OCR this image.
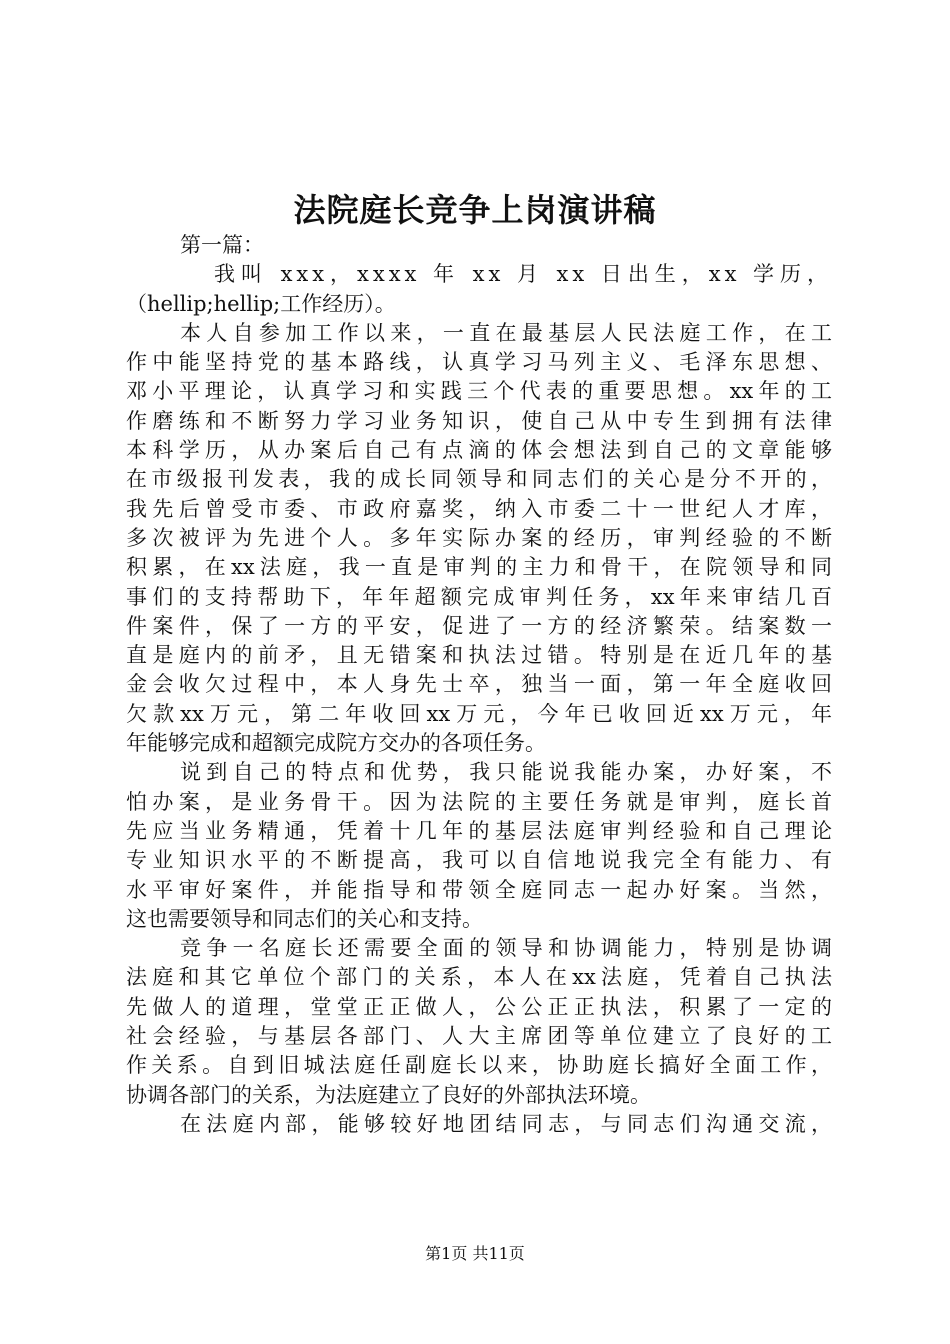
法院庭长竞争上岗演讲稿
第一篇：

我叫 xxx，xxxx 年 xx 月 xx 日出生，xx 学历，
（hellip;hellip;工作经历）。

本人自参加工作以来，一直在最基层人民法庭工作，在工
作中能坚持党的基本路线，认真学习马列主义、毛泽东思想、
邓小平理论，认真学习和实践三个代表的重要思想。xx年的工
作磨练和不断努力学习业务知识，使自己从中专生到拥有法律
本科学历，从办案后自己有点滴的体会想法到自己的文章能够
在市级报刊发表，我的成长同领导和同志们的关心是分不开的，
我先后曾受市委、市政府嘉奖，纳入市委二十一世纪人才库，
多次被评为先进个人。多年实际办案的经历，审判经验的不断
积累，在xx法庭，我一直是审判的主力和骨干，在院领导和同
事们的支持帮助下，年年超额完成审判任务，xx年来审结几百
件案件，保了一方的平安，促进了一方的经济繁荣。结案数一
直是庭内的前矛，且无错案和执法过错。特别是在近几年的基
金会收欠过程中，本人身先士卒，独当一面，第一年全庭收回
欠款xx万元，第二年收回xx万元，今年已收回近xx万元，年
年能够完成和超额完成院方交办的各项任务。

说到自己的特点和优势，我只能说我能办案，办好案，不
怕办案，是业务骨干。因为法院的主要任务就是审判，庭长首
先应当业务精通，凭着十几年的基层法庭审判经验和自己理论
专业知识水平的不断提高，我可以自信地说我完全有能力、有
水平审好案件，并能指导和带领全庭同志一起办好案。当然，
这也需要领导和同志们的关心和支持。

竞争一名庭长还需要全面的领导和协调能力，特别是协调
法庭和其它单位个部门的关系，本人在xx法庭，凭着自己执法
先做人的道理，堂堂正正做人，公公正正执法，积累了一定的
社会经验，与基层各部门、人大主席团等单位建立了良好的工
作关系。自到旧城法庭任副庭长以来，协助庭长搞好全面工作，
协调各部门的关系，为法庭建立了良好的外部执法环境。

在法庭内部，能够较好地团结同志，与同志们沟通交流，

第1页 共11页
